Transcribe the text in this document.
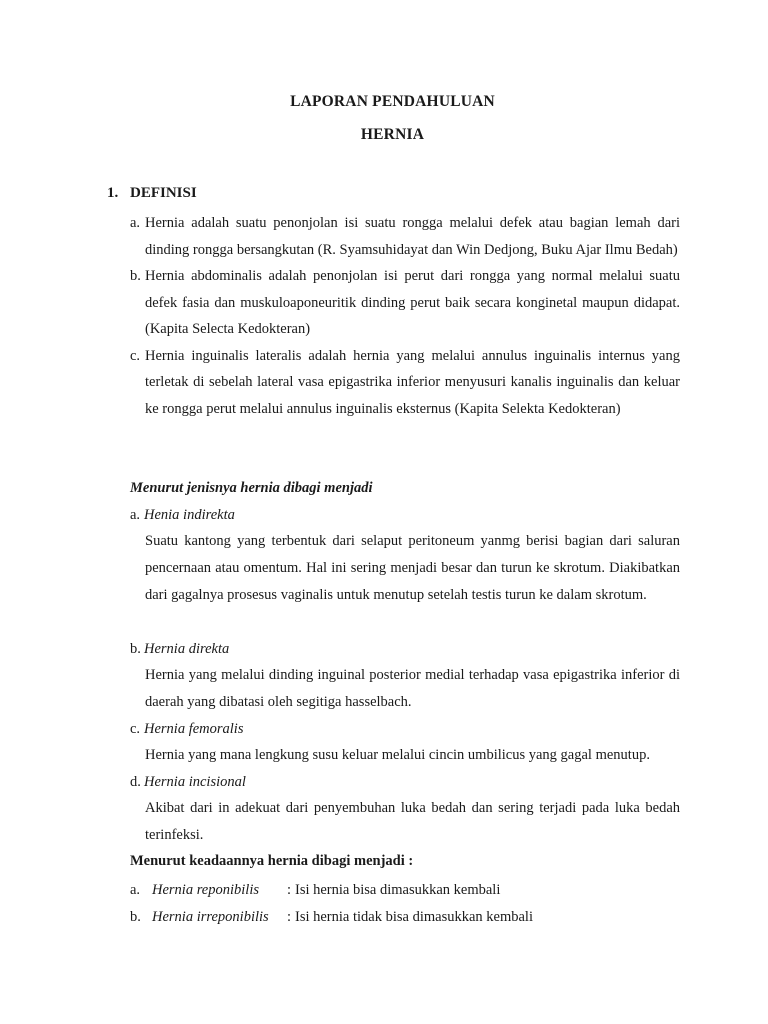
LAPORAN PENDAHULUAN
HERNIA
1. DEFINISI
a. Hernia adalah suatu penonjolan isi suatu rongga melalui defek atau bagian lemah dari dinding rongga bersangkutan (R. Syamsuhidayat dan Win Dedjong, Buku Ajar Ilmu Bedah)
b. Hernia abdominalis adalah penonjolan isi perut dari rongga yang normal melalui suatu defek fasia dan muskuloaponeuritik dinding perut baik secara konginetal maupun didapat. (Kapita Selecta Kedokteran)
c. Hernia inguinalis lateralis adalah hernia yang melalui annulus inguinalis internus yang terletak di sebelah lateral vasa epigastrika inferior menyusuri kanalis inguinalis dan keluar ke rongga perut melalui annulus inguinalis eksternus (Kapita Selekta Kedokteran)
Menurut jenisnya hernia dibagi menjadi
a. Henia indirekta
Suatu kantong yang terbentuk dari selaput peritoneum yanmg berisi bagian dari saluran pencernaan atau omentum. Hal ini sering menjadi besar dan turun ke skrotum. Diakibatkan dari gagalnya prosesus vaginalis untuk menutup setelah testis turun ke dalam skrotum.
b. Hernia direkta
Hernia yang melalui dinding inguinal posterior medial terhadap vasa epigastrika inferior di daerah yang dibatasi oleh segitiga hasselbach.
c. Hernia femoralis
Hernia yang mana lengkung susu keluar melalui cincin umbilicus yang gagal menutup.
d. Hernia incisional
Akibat dari in adekuat dari penyembuhan luka bedah dan sering terjadi pada luka bedah terinfeksi.
Menurut keadaannya hernia dibagi menjadi :
a. Hernia reponibilis : Isi hernia bisa dimasukkan kembali
b. Hernia irreponibilis : Isi hernia tidak bisa dimasukkan kembali
